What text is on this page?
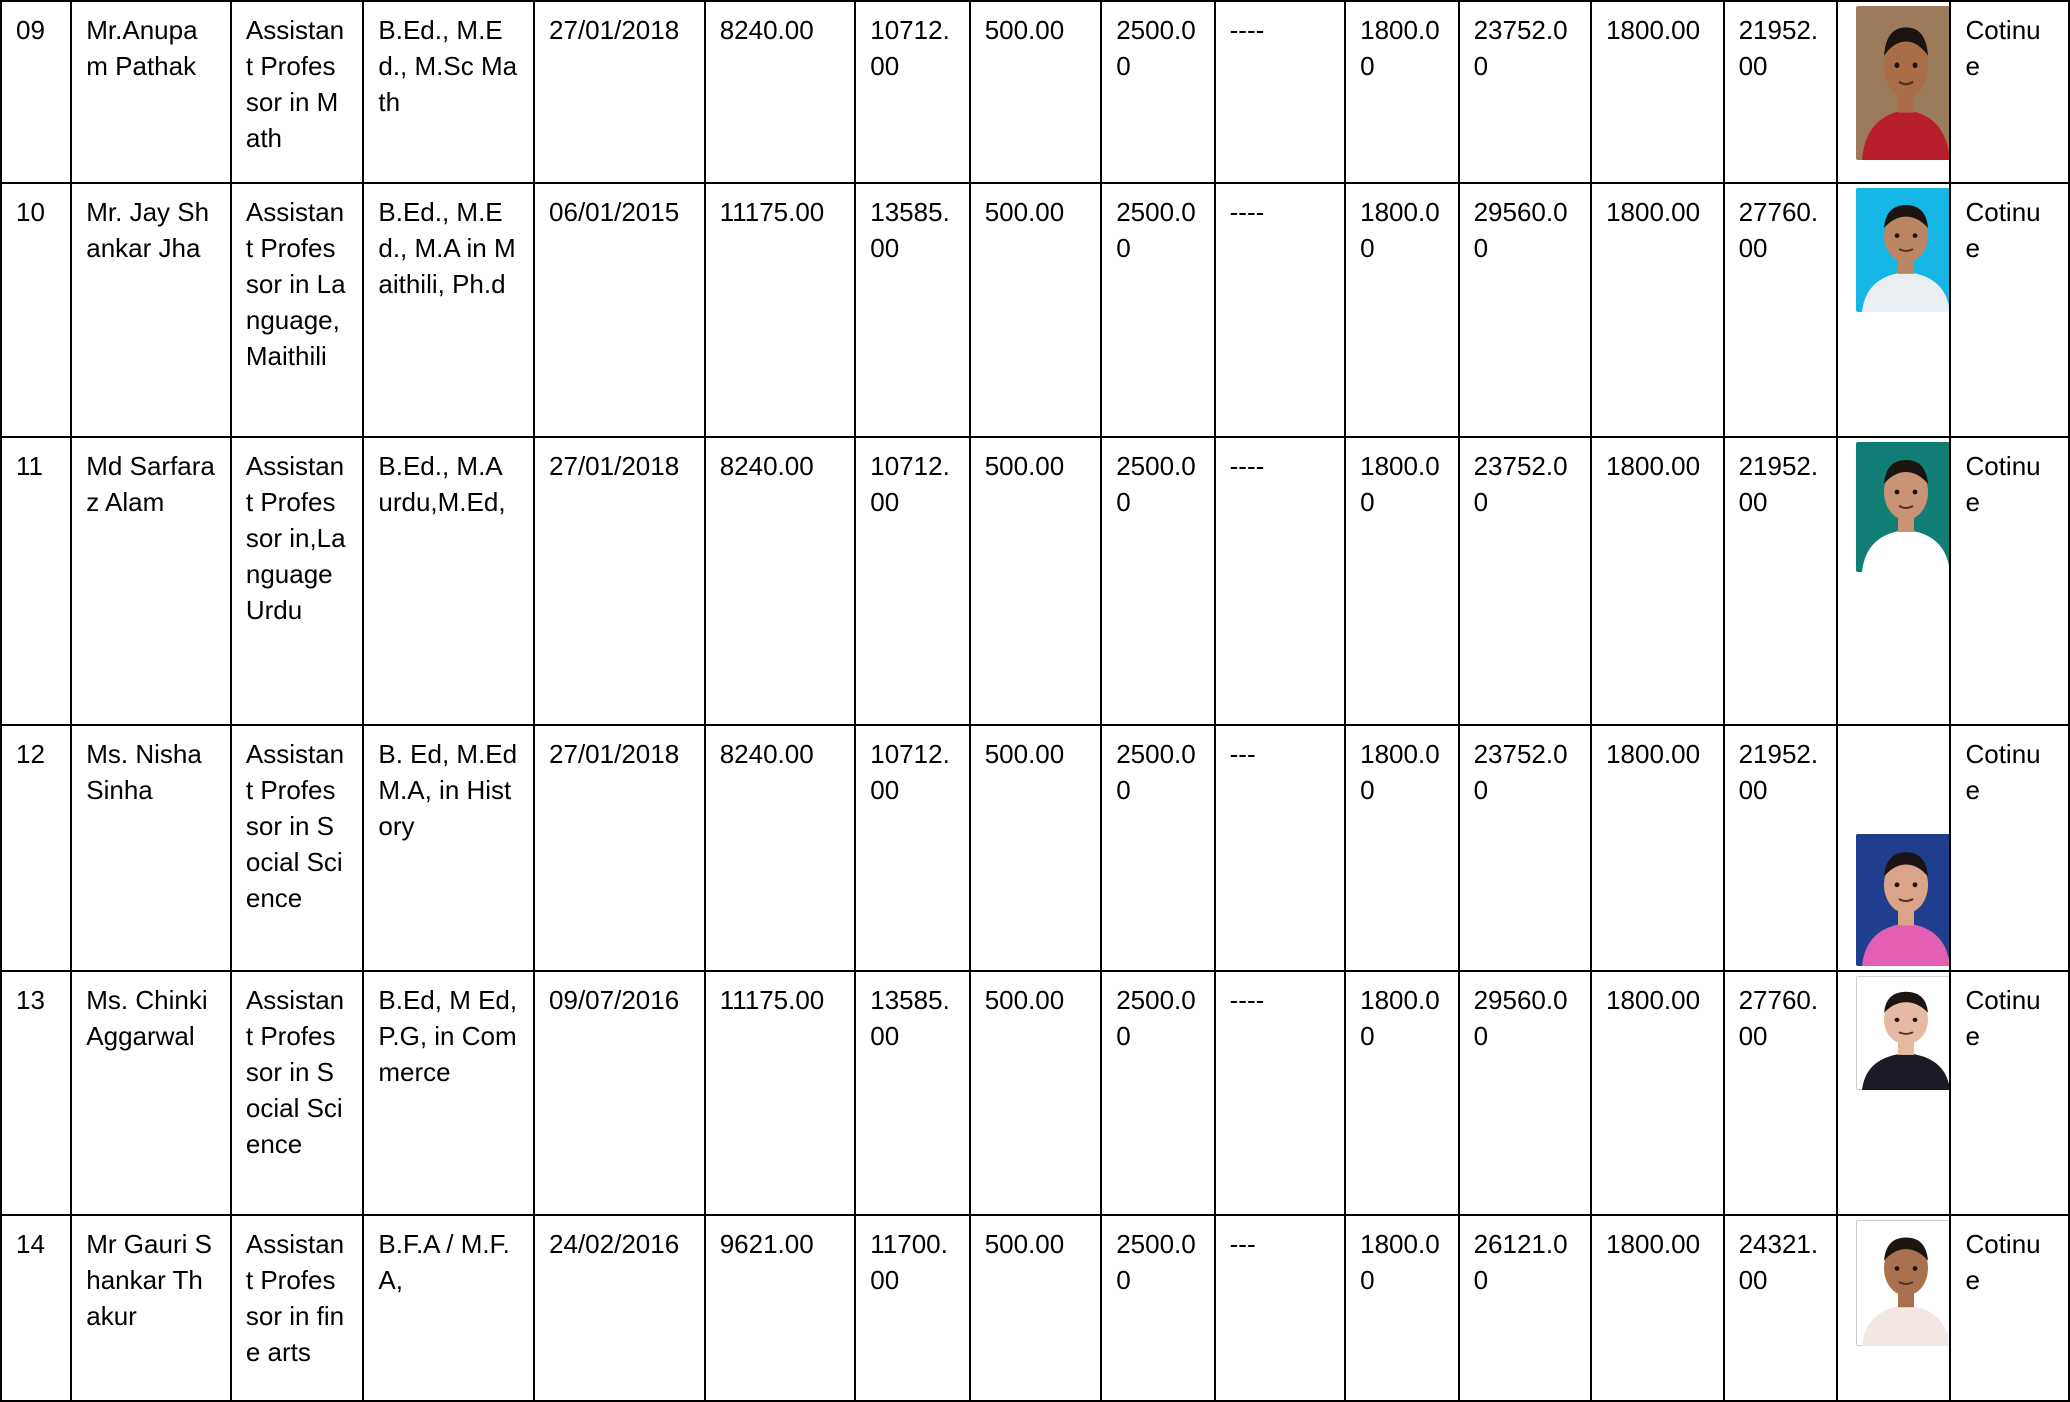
09	Mr.Anupam Pathak	Assistant Professor in Math	B.Ed., M.Ed., M.Sc Math	27/01/2018	8240.00	10712.00	500.00	2500.00	----	1800.00	23752.00	1800.00	21952.00		Cotinue
10	Mr. Jay Shankar Jha	Assistant Professor in Language, Maithili	B.Ed., M.Ed., M.A in Maithili, Ph.d	06/01/2015	11175.00	13585.00	500.00	2500.00	----	1800.00	29560.00	1800.00	27760.00		Cotinue
11	Md Sarfaraz Alam	Assistant Professor in,Language Urdu	B.Ed., M.A urdu,M.Ed,	27/01/2018	8240.00	10712.00	500.00	2500.00	----	1800.00	23752.00	1800.00	21952.00		Cotinue
12	Ms. Nisha Sinha	Assistant Professor in Social Science	B. Ed, M.Ed M.A, in History	27/01/2018	8240.00	10712.00	500.00	2500.00	---	1800.00	23752.00	1800.00	21952.00		Cotinue
13	Ms. Chinki Aggarwal	Assistant Professor in Social Science	B.Ed, M Ed, P.G, in Commerce	09/07/2016	11175.00	13585.00	500.00	2500.00	----	1800.00	29560.00	1800.00	27760.00		Cotinue
14	Mr Gauri Shankar Thakur	Assistant Professor in fine arts	B.F.A / M.F.A,	24/02/2016	9621.00	11700.00	500.00	2500.00	---	1800.00	26121.00	1800.00	24321.00		Cotinue
